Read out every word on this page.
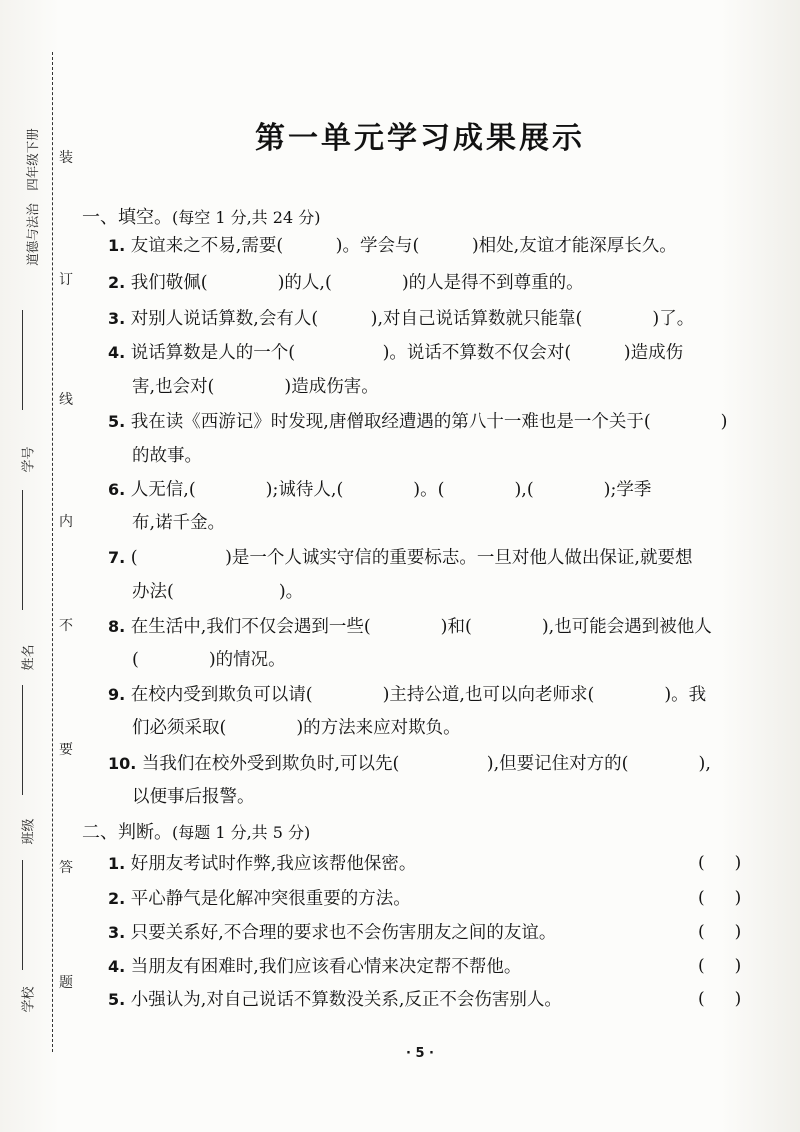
装
订
线
内
不
要
答
题
道德与法治　四年级下册
学号
姓名
班级
学校
第一单元学习成果展示
一、填空。(每空 1 分,共 24 分)
1. 友谊来之不易,需要(　　　)。学会与(　　　)相处,友谊才能深厚长久。
2. 我们敬佩(　　　　)的人,(　　　　)的人是得不到尊重的。
3. 对别人说话算数,会有人(　　　),对自己说话算数就只能靠(　　　　)了。
4. 说话算数是人的一个(　　　　　)。说话不算数不仅会对(　　　)造成伤
害,也会对(　　　　)造成伤害。
5. 我在读《西游记》时发现,唐僧取经遭遇的第八十一难也是一个关于(　　　　)
的故事。
6. 人无信,(　　　　);诚待人,(　　　　)。(　　　　),(　　　　);学季
布,诺千金。
7. (　　　　　)是一个人诚实守信的重要标志。一旦对他人做出保证,就要想
办法(　　　　　　)。
8. 在生活中,我们不仅会遇到一些(　　　　)和(　　　　),也可能会遇到被他人
(　　　　)的情况。
9. 在校内受到欺负可以请(　　　　)主持公道,也可以向老师求(　　　　)。我
们必须采取(　　　　)的方法来应对欺负。
10. 当我们在校外受到欺负时,可以先(　　　　　),但要记住对方的(　　　　),
以便事后报警。
二、判断。(每题 1 分,共 5 分)
1. 好朋友考试时作弊,我应该帮他保密。	( )
2. 平心静气是化解冲突很重要的方法。	( )
3. 只要关系好,不合理的要求也不会伤害朋友之间的友谊。	( )
4. 当朋友有困难时,我们应该看心情来决定帮不帮他。	( )
5. 小强认为,对自己说话不算数没关系,反正不会伤害别人。	( )
· 5 ·
